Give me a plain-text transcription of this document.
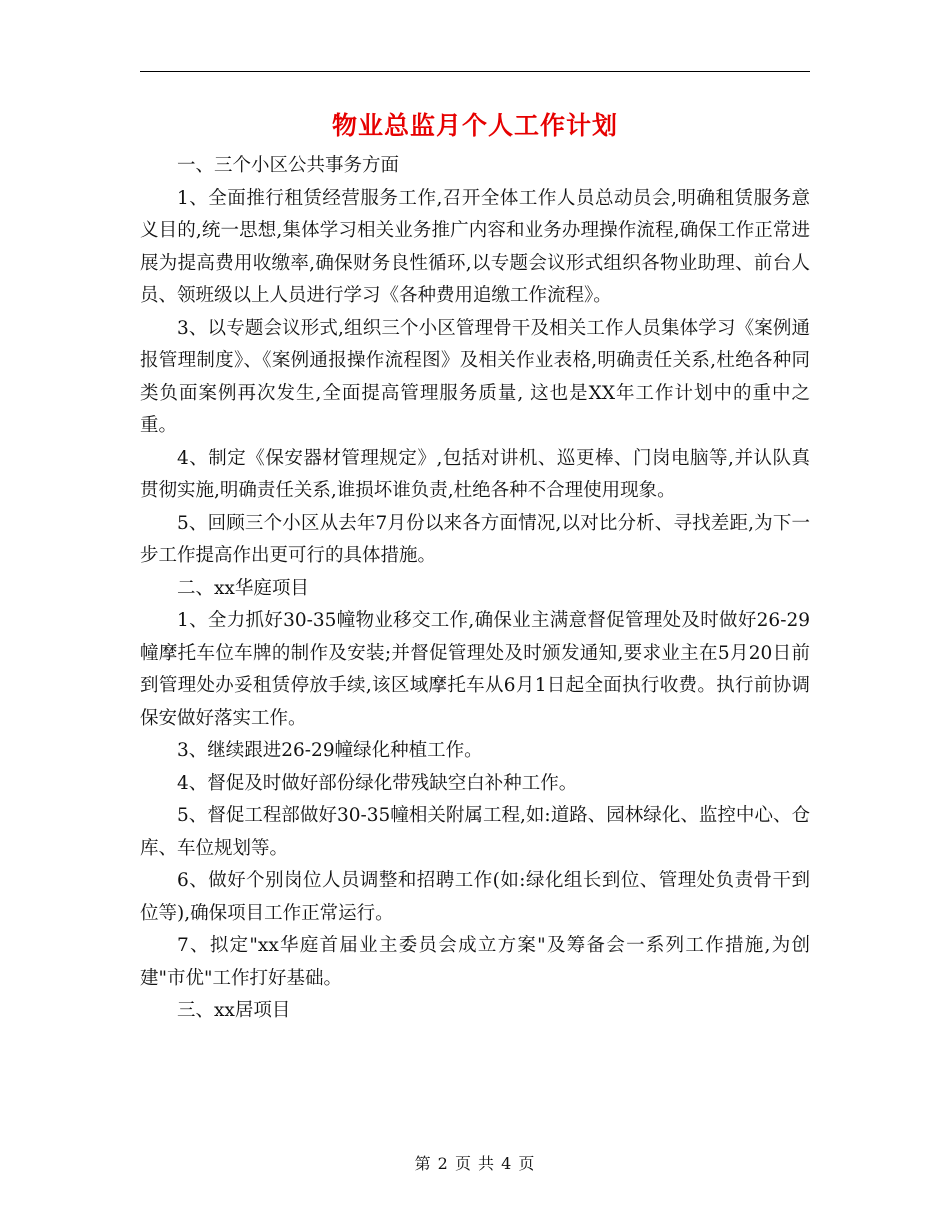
物业总监月个人工作计划

一、三个小区公共事务方面

1、全面推行租赁经营服务工作,召开全体工作人员总动员会,明确租赁服务意义目的,统一思想,集体学习相关业务推广内容和业务办理操作流程,确保工作正常进展为提高费用收缴率,确保财务良性循环,以专题会议形式组织各物业助理、前台人员、领班级以上人员进行学习《各种费用追缴工作流程》。

3、以专题会议形式,组织三个小区管理骨干及相关工作人员集体学习《案例通报管理制度》、《案例通报操作流程图》及相关作业表格,明确责任关系,杜绝各种同类负面案例再次发生,全面提高管理服务质量, 这也是XX年工作计划中的重中之重。

4、制定《保安器材管理规定》,包括对讲机、巡更棒、门岗电脑等,并认队真贯彻实施,明确责任关系,谁损坏谁负责,杜绝各种不合理使用现象。

5、回顾三个小区从去年7月份以来各方面情况,以对比分析、寻找差距,为下一步工作提高作出更可行的具体措施。

二、xx华庭项目

1、全力抓好30-35幢物业移交工作,确保业主满意督促管理处及时做好26-29幢摩托车位车牌的制作及安装;并督促管理处及时颁发通知,要求业主在5月20日前到管理处办妥租赁停放手续,该区域摩托车从6月1日起全面执行收费。执行前协调保安做好落实工作。

3、继续跟进26-29幢绿化种植工作。

4、督促及时做好部份绿化带残缺空白补种工作。

5、督促工程部做好30-35幢相关附属工程,如:道路、园林绿化、监控中心、仓库、车位规划等。

6、做好个别岗位人员调整和招聘工作(如:绿化组长到位、管理处负责骨干到位等),确保项目工作正常运行。

7、拟定"xx华庭首届业主委员会成立方案"及筹备会一系列工作措施,为创建"市优"工作打好基础。

三、xx居项目

第 2 页 共 4 页
